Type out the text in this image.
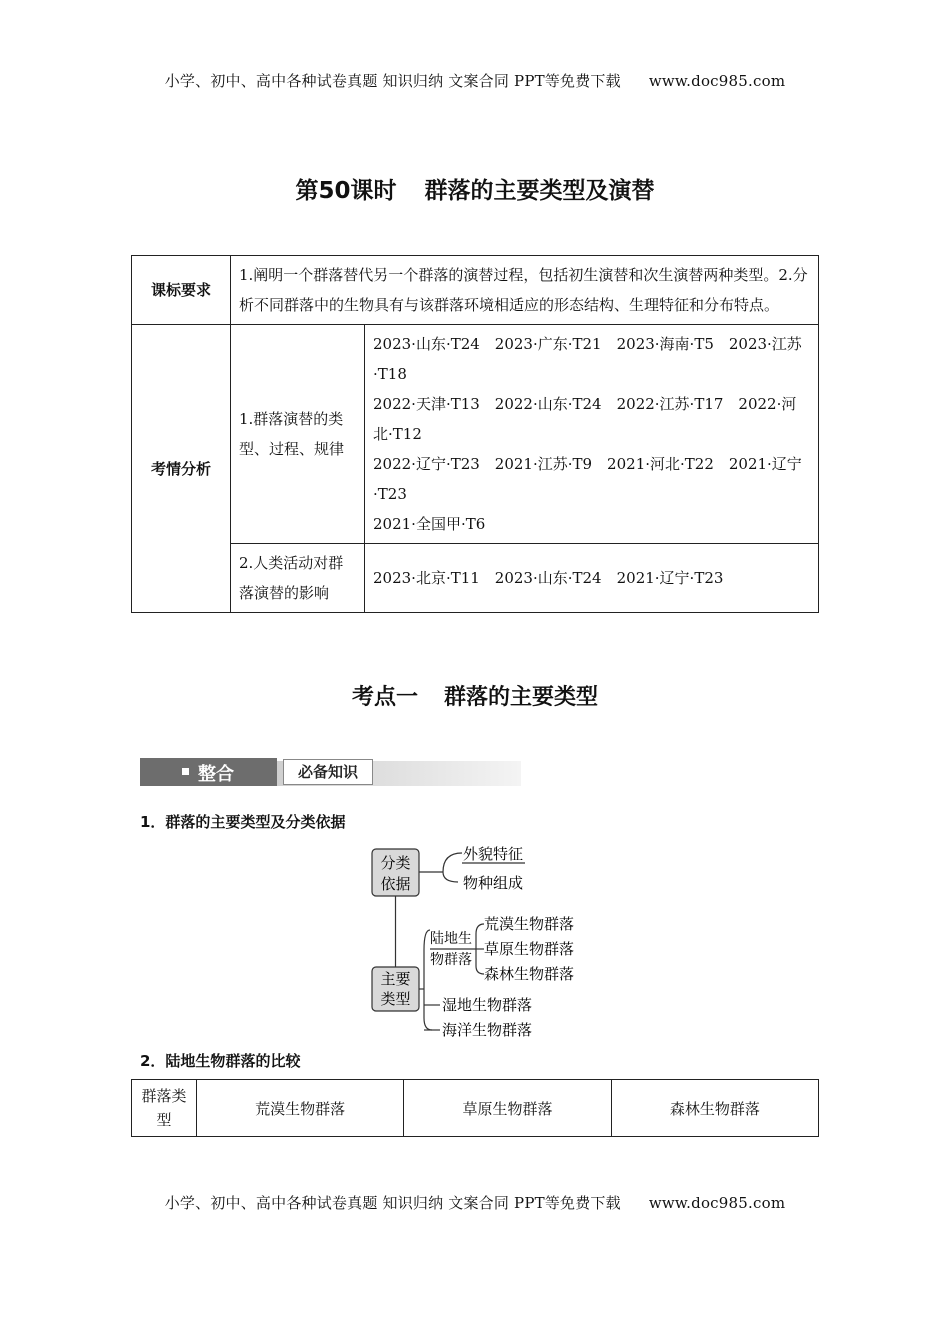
小学、初中、高中各种试卷真题 知识归纳 文案合同 PPT等免费下载 www.doc985.com
第50课时 群落的主要类型及演替
课标要求	1.阐明一个群落替代另一个群落的演替过程，包括初生演替和次生演替两种类型。2.分析不同群落中的生物具有与该群落环境相适应的形态结构、生理特征和分布特点。	
考情分析	1.群落演替的类型、过程、规律	2023·山东·T24　2023·广东·T21　2023·海南·T5　2023·江苏·T18
2022·天津·T13　2022·山东·T24　2022·江苏·T17　2022·河北·T12
2022·辽宁·T23　2021·江苏·T9　2021·河北·T22　2021·辽宁·T23
2021·全国甲·T6

	2.人类活动对群落演替的影响	2023·北京·T11　2023·山东·T24　2021·辽宁·T23
考点一 群落的主要类型
整合	必备知识
1．群落的主要类型及分类依据
分类
依据
外貌特征
物种组成
主要
类型
陆地生
物群落
荒漠生物群落
草原生物群落
森林生物群落
湿地生物群落
海洋生物群落
2．陆地生物群落的比较
群落类型	荒漠生物群落	草原生物群落	森林生物群落
小学、初中、高中各种试卷真题 知识归纳 文案合同 PPT等免费下载 www.doc985.com
